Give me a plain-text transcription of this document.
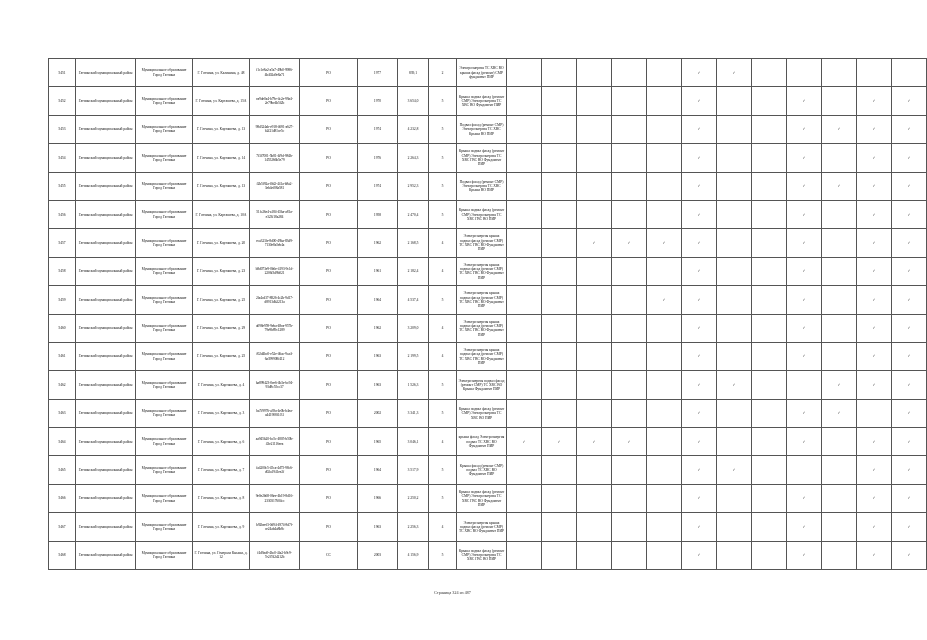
5451	Гатчинский муниципальный район	Муниципальное образование Город Гатчина	Г. Гатчина, ул. Калинина, д. 48	f1c1e8a2-a5a7-49b0-9986-4b402a9e8a71	РО	1977	839,1	2	Электроэнергия ТС ХВС ВО крыша фасад (ремонт) СМР фундамент ПИР						✓	✓					
5452	Гатчинский муниципальный район	Муниципальное образование Город Гатчина	Г. Гатчина, ул. Карташева, д. 15А	ea9de0a4-b79e-4c2e-99a4-2e79be4b5f2b	РО	1970	3 654,0	5	Крыша подвал фасад (ремонт СМР) Электроэнергия ТС ХВС ВО Фундамент ПИР						✓			✓		✓	✓
5453	Гатчинский муниципальный район	Муниципальное образование Город Гатчина	Г. Гатчина, ул. Карташева, д. 13	98d324ab-e918-4691-a627-b2f21d81ce5c	РО	1974	4 232,8	5	Подвал фасад (ремонт СМР) Электроэнергия ТС ХВС Крыша ВО ПИР						✓			✓	✓	✓	✓
5454	Гатчинский муниципальный район	Муниципальное образование Город Гатчина	Г. Гатчина, ул. Карташева, д. 14	7f3f7001-5b81-4f9d-984b-1455266b5e79	РО	1976	2 264,3	5	Крыша подвал фасад (ремонт СМР) Электроэнергия ТС ХВС ГВС ВО Фундамент ПИР						✓			✓		✓	✓
5455	Гатчинский муниципальный район	Муниципальное образование Город Гатчина	Г. Гатчина, ул. Карташева, д. 13	f2b5f92a-f0d2-441a-b8a2-3eb4ef08a581	РО	1974	2 952,3	5	Подвал фасад (ремонт СМР) Электроэнергия ТС ХВС Крыша ВО ПИР						✓			✓	✓	✓	✓
5456	Гатчинский муниципальный район	Муниципальное образование Город Гатчина	Г. Гатчина, ул. Карташева, д. 10А	51fc26e4-a184-45ba-a81a-e323f18a284	РО	1958	2 470,4	5	Крыша подвал фасад (ремонт СМР) Электроэнергия ТС ХВС ГВС ВО ПИР						✓			✓		✓	✓
5457	Гатчинский муниципальный район	Муниципальное образование Город Гатчина	Г. Гатчина, ул. Карташева, д. 20	eca323fe-8d00-49ba-83d9-7130e8a5eb4a	РО	1962	2 168,5	4	Электроэнергия крыша подвал фасад (ремонт СМР) ТС ХВС ГВС ВО Фундамент ПИР			✓	✓	✓	✓			✓		✓	✓
5458	Гатчинский муниципальный район	Муниципальное образование Город Гатчина	Г. Гатчина, ул. Карташева, д. 23	b8d073e9-0b6e-4193-9c1d-2206f3d9b021	РО	1961	2 182,4	4	Электроэнергия крыша подвал фасад (ремонт СМР) ТС ХВС ГВС ВО Фундамент ПИР						✓			✓		✓	✓
5459	Гатчинский муниципальный район	Муниципальное образование Город Гатчина	Г. Гатчина, ул. Карташева, д. 25	2fa4cd37-8826-4c2b-9d17-d8913db2213a	РО	1964	4 537,4	5	Электроэнергия крыша подвал фасад (ремонт СМР) ТС ХВС ГВС ВО Фундамент ПИР					✓	✓			✓		✓	✓
5460	Гатчинский муниципальный район	Муниципальное образование Город Гатчина	Г. Гатчина, ул. Карташева, д. 29	a098e959-9eba-48ea-957b-79e9b89c1289	РО	1962	3 209,0	4	Электроэнергия крыша подвал фасад (ремонт СМР) ТС ХВС ГВС ВО Фундамент ПИР						✓			✓		✓	✓
5461	Гатчинский муниципальный район	Муниципальное образование Город Гатчина	Г. Гатчина, ул. Карташева, д. 25	f02d4bc0-e52e-46ac-9ca4-6a399908f412	РО	1963	2 199,5	4	Электроэнергия крыша подвал фасад (ремонт СМР) ТС ХВС ГВС ВО Фундамент ПИР						✓			✓		✓	✓
5462	Гатчинский муниципальный район	Муниципальное образование Город Гатчина	Г. Гатчина, ул. Карташева, д. 4	ba899423-0ee6-4b3e-bc94-93d8c55cc37	РО	1963	1 526,3	5	Электроэнергия подвал фасад (ремонт СМР) ТС ХВС ВО Крыша Фундамент ПИР						✓	✓			✓	✓	✓
5463	Гатчинский муниципальный район	Муниципальное образование Город Гатчина	Г. Гатчина, ул. Карташева, д. 3	ba7f9976-a39a-4e0b-b4ea-a441908f1f31	РО	2002	3 341,3	5	Крыша подвал фасад (ремонт СМР) Электроэнергия ТС ХВС ВО ПИР						✓			✓	✓		✓
5464	Гатчинский муниципальный район	Муниципальное образование Город Гатчина	Г. Гатчина, ул. Карташева, д. 6	aa945b20-bc5c-4805-b50b-43e21116eea	РО	1965	3 046,1	4	крыша фасад Электроэнергия подвал ТС ХВС ВО Фундамент ПИР	✓	✓	✓	✓		✓			✓		✓	✓
5465	Гатчинский муниципальный район	Муниципальное образование Город Гатчина	Г. Гатчина, ул. Карташева, д. 7	fa4200c5-45ca-4d75-98c6-d02a1941ee2f	РО	1964	3 517,9	5	Крыша фасад (ремонт СМР) подвал ТС ХВС ВО Фундамент ПИР						✓	✓				✓	✓
5466	Гатчинский муниципальный район	Муниципальное образование Город Гатчина	Г. Гатчина, ул. Карташева, д. 8	9e0e2b68-06ee-4b19-8d16-2330317604cc	РО	1966	2 250,2	5	Крыша подвал фасад (ремонт СМР) Электроэнергия ТС ХВС ГВС ВО Фундамент ПИР						✓			✓		✓	✓
5467	Гатчинский муниципальный район	Муниципальное образование Город Гатчина	Г. Гатчина, ул. Карташева, д. 9	b92beef3-0d94-4974-8d7f-ce24ab4a8b8c	РО	1963	2 256,3	4	Электроэнергия крыша подвал фасад (ремонт СМР) ТС ХВС ВО Фундамент ПИР						✓			✓		✓	✓
5468	Гатчинский муниципальный район	Муниципальное образование Город Гатчина	Г. Гатчина, ул. Генерала Кныша, д. 12	f4d9aa9-4bc0-4fa2-b9c9-7e2f7d2d212b	СС	2003	4 156,9	5	Крыша подвал фасад (ремонт СМР) Электроэнергия ТС ХВС ГВС ВО ПИР						✓			✓		✓	✓
Страница 324 из 487
